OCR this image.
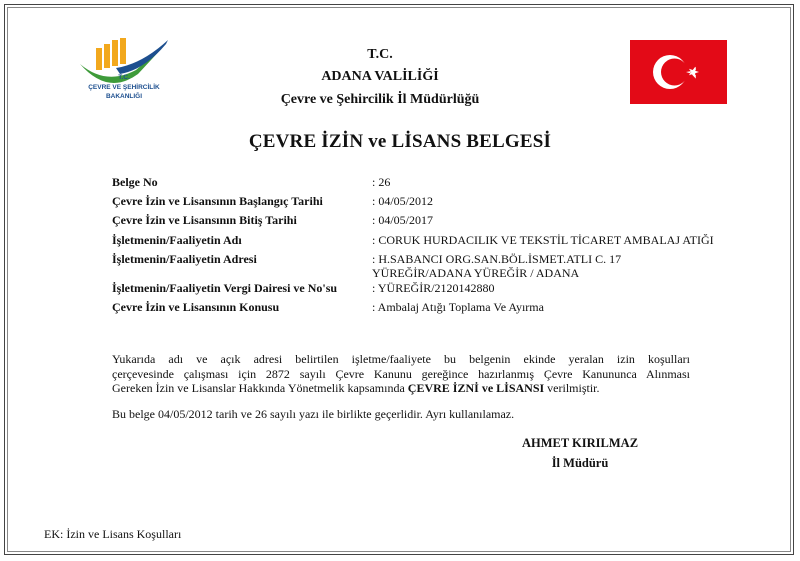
T.C.
ÇEVRE VE ŞEHİRCİLİK
BAKANLIĞI
T.C.
ADANA VALİLİĞİ
Çevre ve Şehircilik İl Müdürlüğü
ÇEVRE İZİN ve LİSANS BELGESİ
Belge No	: 26
Çevre İzin ve Lisansının Başlangıç Tarihi	: 04/05/2012
Çevre İzin ve Lisansının Bitiş Tarihi	: 04/05/2017
İşletmenin/Faaliyetin Adı	: CORUK HURDACILIK VE TEKSTİL TİCARET AMBALAJ ATIĞI
İşletmenin/Faaliyetin Adresi	: H.SABANCI ORG.SAN.BÖL.İSMET.ATLI C. 17
YÜREĞİR/ADANA YÜREĞİR / ADANA
İşletmenin/Faaliyetin Vergi Dairesi ve No'su	: YÜREĞİR/2120142880
Çevre İzin ve Lisansının Konusu	: Ambalaj Atığı Toplama Ve Ayırma
Yukarıda adı ve açık adresi belirtilen işletme/faaliyete bu belgenin ekinde yeralan izin koşulları
çerçevesinde çalışması için 2872 sayılı Çevre Kanunu gereğince hazırlanmış Çevre Kanununca Alınması
Gereken İzin ve Lisanslar Hakkında Yönetmelik kapsamında ÇEVRE İZNİ ve LİSANSI verilmiştir.
Bu belge 04/05/2012 tarih ve 26 sayılı yazı ile birlikte geçerlidir. Ayrı kullanılamaz.
AHMET KIRILMAZ
İl Müdürü
EK: İzin ve Lisans Koşulları
